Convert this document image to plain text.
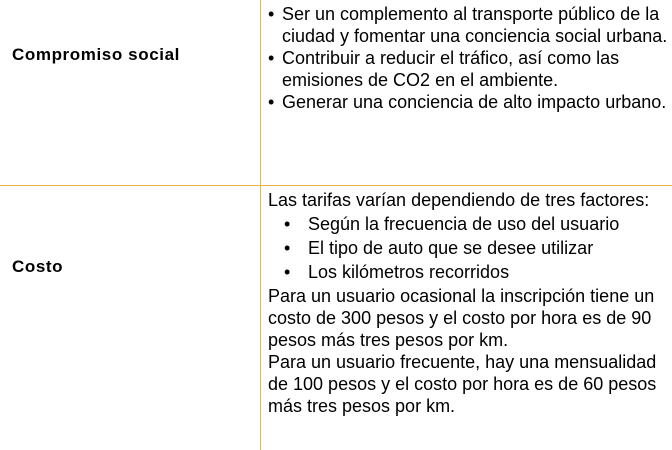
Compromiso social
• Ser un complemento al transporte público de la ciudad y fomentar una conciencia social urbana.
• Contribuir a reducir el tráfico, así como las emisiones de CO2 en el ambiente.
• Generar una conciencia de alto impacto urbano.
Costo

Las tarifas varían dependiendo de tres factores:

• Según la frecuencia de uso del usuario
• El tipo de auto que se desee utilizar
• Los kilómetros recorridos

Para un usuario ocasional la inscripción tiene un costo de 300 pesos y el costo por hora es de 90 pesos más tres pesos por km.

Para un usuario frecuente, hay una mensualidad de 100 pesos y el costo por hora es de 60 pesos más tres pesos por km.
